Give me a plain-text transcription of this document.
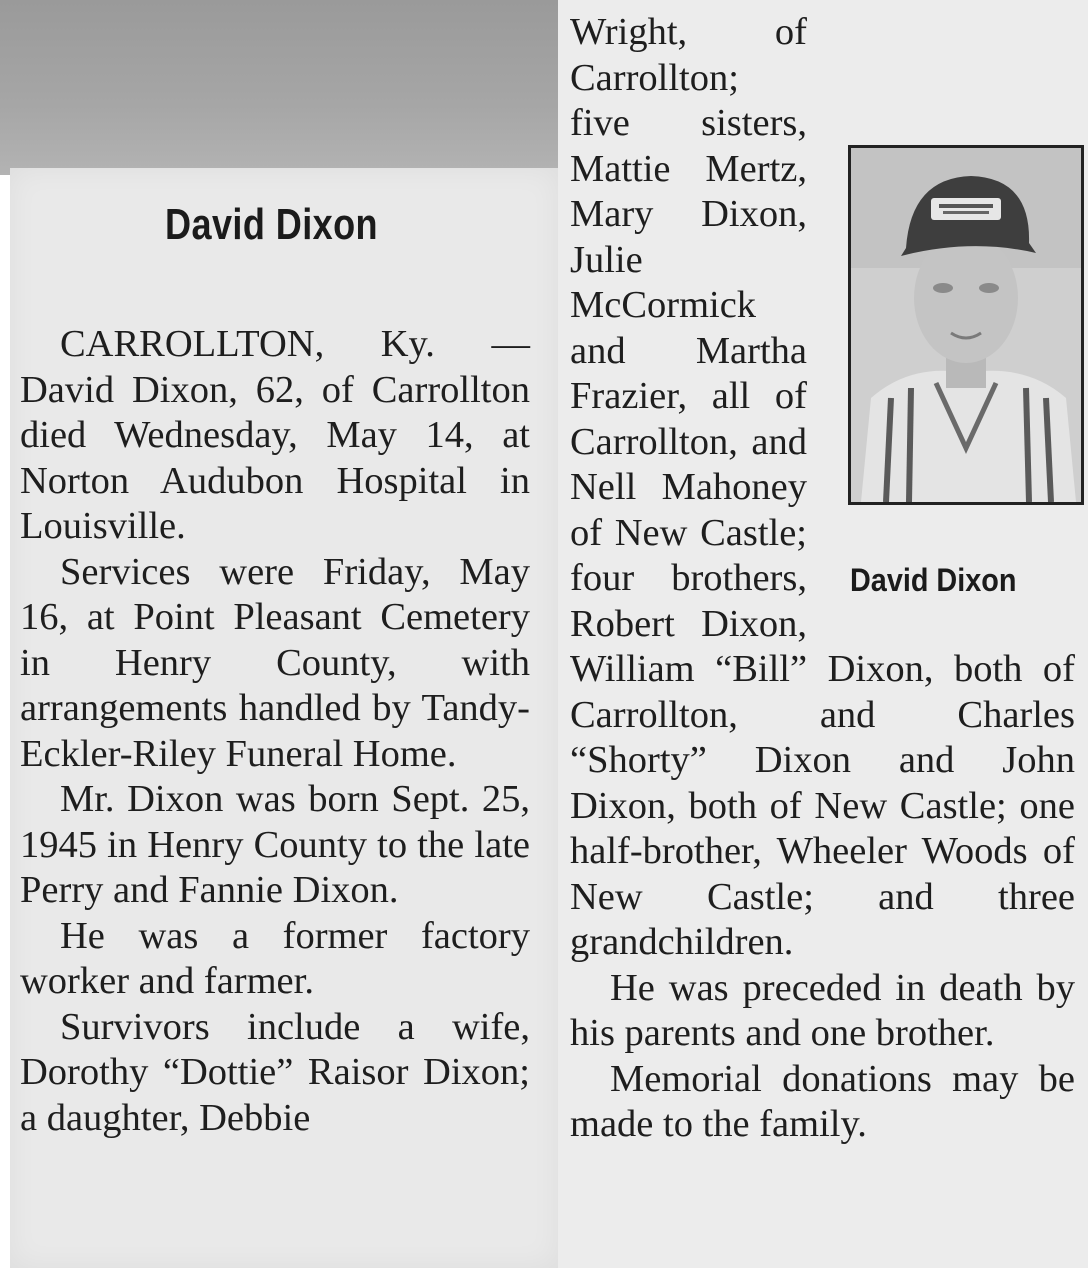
David Dixon

CARROLLTON, Ky. — David Dixon, 62, of Carrollton died Wednesday, May 14, at Norton Audubon Hospital in Louisville.

Services were Friday, May 16, at Point Pleasant Cemetery in Henry County, with arrangements handled by Tandy-Eckler-Riley Funeral Home.

Mr. Dixon was born Sept. 25, 1945 in Henry County to the late Perry and Fannie Dixon.

He was a former factory worker and farmer.

Survivors include a wife, Dorothy “Dottie” Raisor Dixon; a daughter, Debbie

Wright, of Carrollton; five sisters, Mattie Mertz, Mary Dixon, Julie McCormick and Martha Frazier, all of Carrollton, and Nell Mahoney of New Castle; four brothers, Robert Dixon, William “Bill” Dixon, both of Carrollton, and Charles “Shorty” Dixon and John Dixon, both of New Castle; one half-brother, Wheeler Woods of New Castle; and three grandchildren.

He was preceded in death by his parents and one brother.

Memorial donations may be made to the family.

David Dixon
